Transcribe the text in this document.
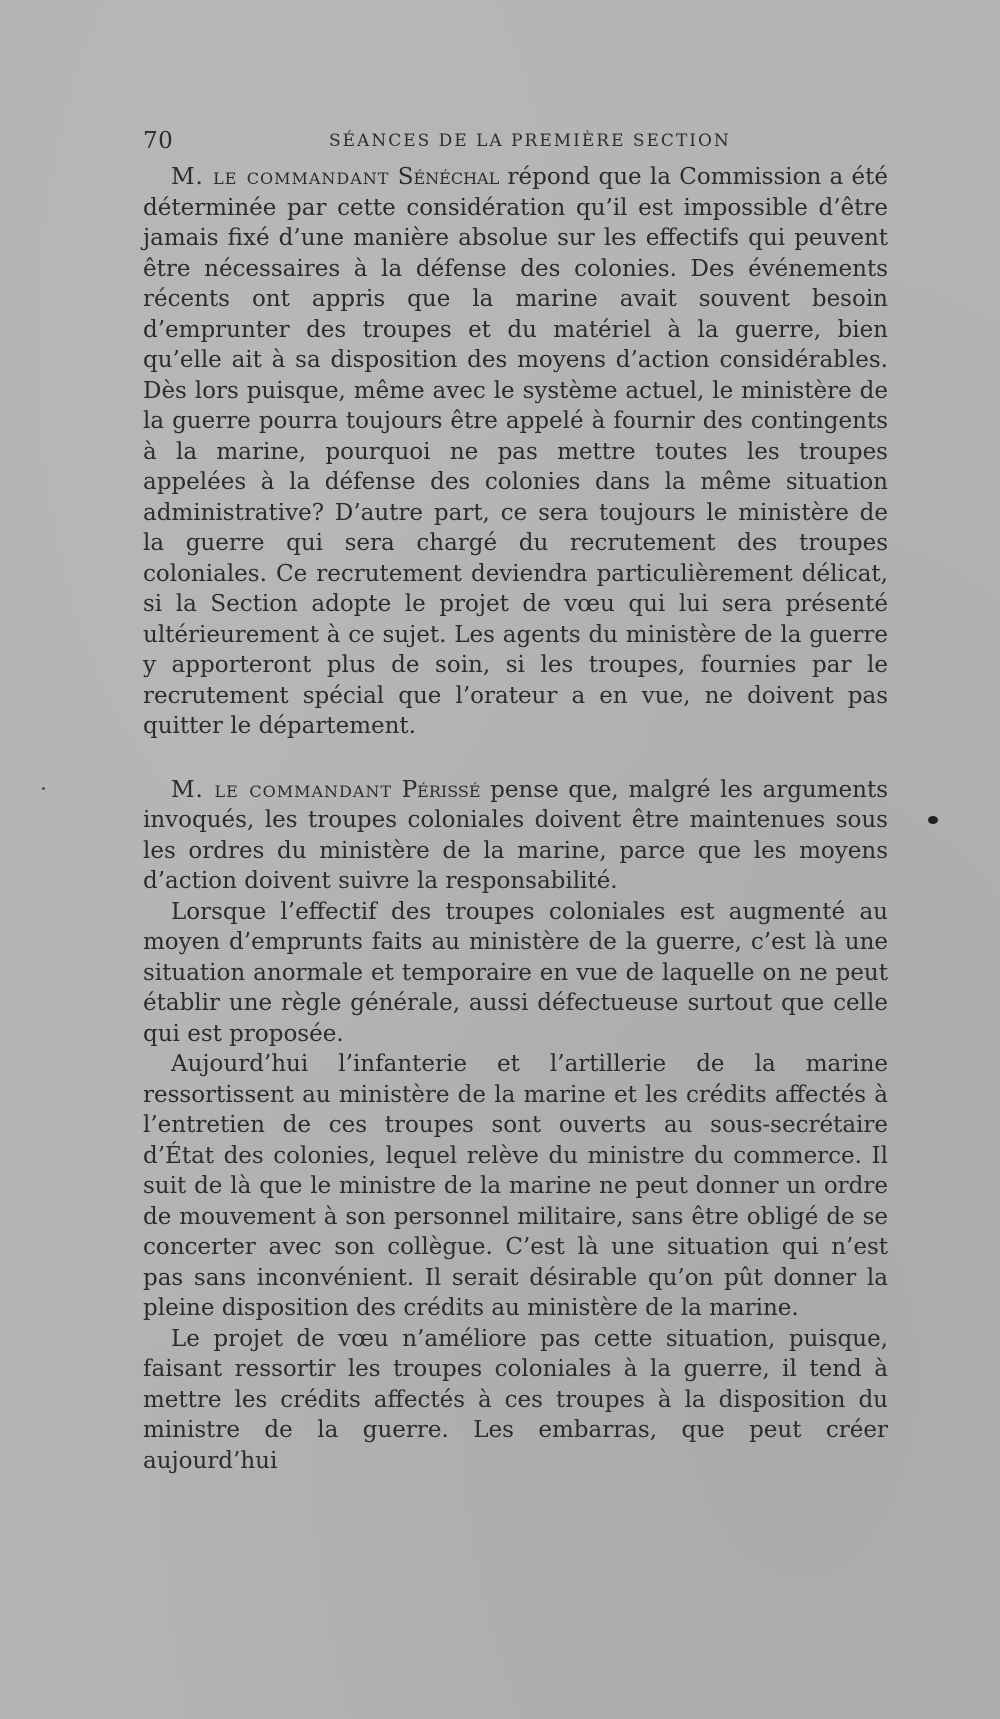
70	SÉANCES DE LA PREMIÈRE SECTION

M. le commandant Sénéchal répond que la Commission a été déterminée par cette considération qu’il est impossible d’être jamais fixé d’une manière absolue sur les effectifs qui peuvent être nécessaires à la défense des colonies. Des événements récents ont appris que la marine avait souvent besoin d’emprunter des troupes et du matériel à la guerre, bien qu’elle ait à sa disposition des moyens d’action considérables. Dès lors puisque, même avec le système actuel, le ministère de la guerre pourra toujours être appelé à fournir des contingents à la marine, pourquoi ne pas mettre toutes les troupes appelées à la défense des colonies dans la même situation administrative? D’autre part, ce sera toujours le ministère de la guerre qui sera chargé du recrutement des troupes coloniales. Ce recrutement deviendra particulièrement délicat, si la Section adopte le projet de vœu qui lui sera présenté ultérieurement à ce sujet. Les agents du ministère de la guerre y apporteront plus de soin, si les troupes, fournies par le recrutement spécial que l’orateur a en vue, ne doivent pas quitter le département.

M. le commandant Périssé pense que, malgré les arguments invoqués, les troupes coloniales doivent être maintenues sous les ordres du ministère de la marine, parce que les moyens d’action doivent suivre la responsabilité.

Lorsque l’effectif des troupes coloniales est augmenté au moyen d’emprunts faits au ministère de la guerre, c’est là une situation anormale et temporaire en vue de laquelle on ne peut établir une règle générale, aussi défectueuse surtout que celle qui est proposée.

Aujourd’hui l’infanterie et l’artillerie de la marine ressortissent au ministère de la marine et les crédits affectés à l’entretien de ces troupes sont ouverts au sous-secrétaire d’État des colonies, lequel relève du ministre du commerce. Il suit de là que le ministre de la marine ne peut donner un ordre de mouvement à son personnel militaire, sans être obligé de se concerter avec son collègue. C’est là une situation qui n’est pas sans inconvénient. Il serait désirable qu’on pût donner la pleine disposition des crédits au ministère de la marine.

Le projet de vœu n’améliore pas cette situation, puisque, faisant ressortir les troupes coloniales à la guerre, il tend à mettre les crédits affectés à ces troupes à la disposition du ministre de la guerre. Les embarras, que peut créer aujourd’hui
